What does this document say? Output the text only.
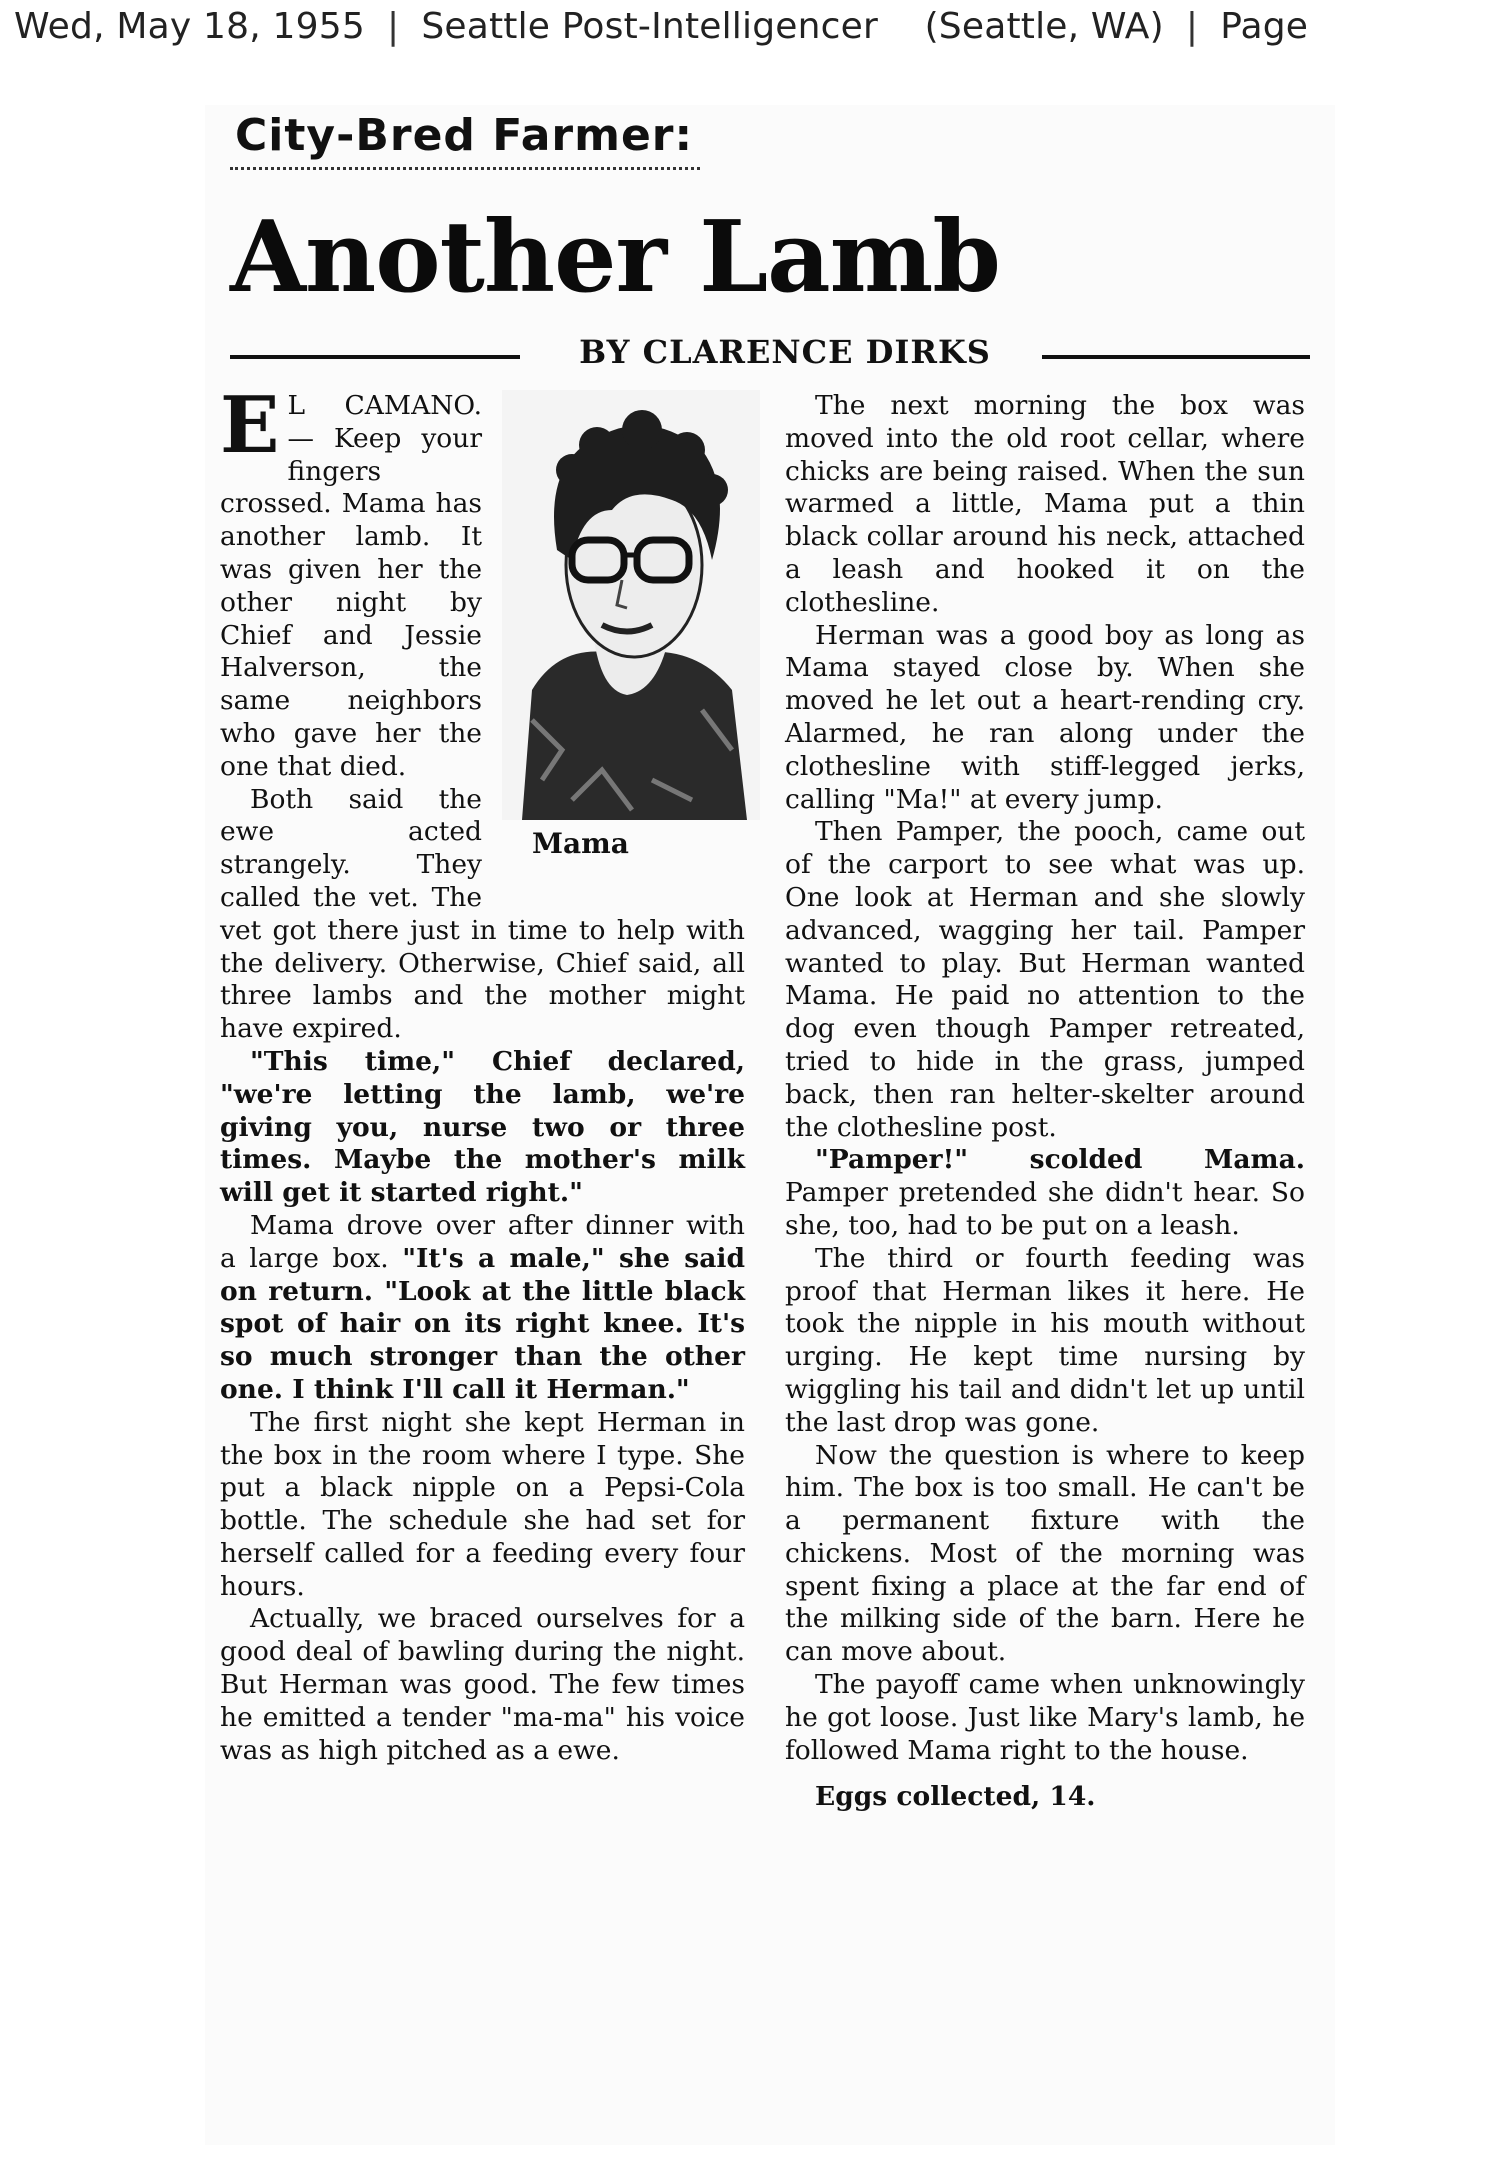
Wed, May 18, 1955 | Seattle Post-Intelligencer (Seattle, WA) | Page
City-Bred Farmer:
Another Lamb
BY CLARENCE DIRKS

E
Mama
L CAMANO. — Keep your fingers crossed. Mama has another lamb. It was given her the other night by Chief and Jessie Halverson, the same neighbors who gave her the one that died.

Both said the ewe acted strangely. They called the vet. The vet got there just in time to help with the delivery. Otherwise, Chief said, all three lambs and the mother might have expired.

"This time," Chief declared, "we're letting the lamb, we're giving you, nurse two or three times. Maybe the mother's milk will get it started right."

Mama drove over after dinner with a large box. "It's a male," she said on return. "Look at the little black spot of hair on its right knee. It's so much stronger than the other one. I think I'll call it Herman."

The first night she kept Herman in the box in the room where I type. She put a black nipple on a Pepsi-Cola bottle. The schedule she had set for herself called for a feeding every four hours.

Actually, we braced ourselves for a good deal of bawling during the night. But Herman was good. The few times he emitted a tender "ma-ma" his voice was as high pitched as a ewe.

The next morning the box was moved into the old root cellar, where chicks are being raised. When the sun warmed a little, Mama put a thin black collar around his neck, attached a leash and hooked it on the clothesline.

Herman was a good boy as long as Mama stayed close by. When she moved he let out a heart-rending cry. Alarmed, he ran along under the clothesline with stiff-legged jerks, calling "Ma!" at every jump.

Then Pamper, the pooch, came out of the carport to see what was up. One look at Herman and she slowly advanced, wagging her tail. Pamper wanted to play. But Herman wanted Mama. He paid no attention to the dog even though Pamper retreated, tried to hide in the grass, jumped back, then ran helter-skelter around the clothesline post.

"Pamper!" scolded Mama. Pamper pretended she didn't hear. So she, too, had to be put on a leash.

The third or fourth feeding was proof that Herman likes it here. He took the nipple in his mouth without urging. He kept time nursing by wiggling his tail and didn't let up until the last drop was gone.

Now the question is where to keep him. The box is too small. He can't be a permanent fixture with the chickens. Most of the morning was spent fixing a place at the far end of the milking side of the barn. Here he can move about.

The payoff came when unknowingly he got loose. Just like Mary's lamb, he followed Mama right to the house.

Eggs collected, 14.
